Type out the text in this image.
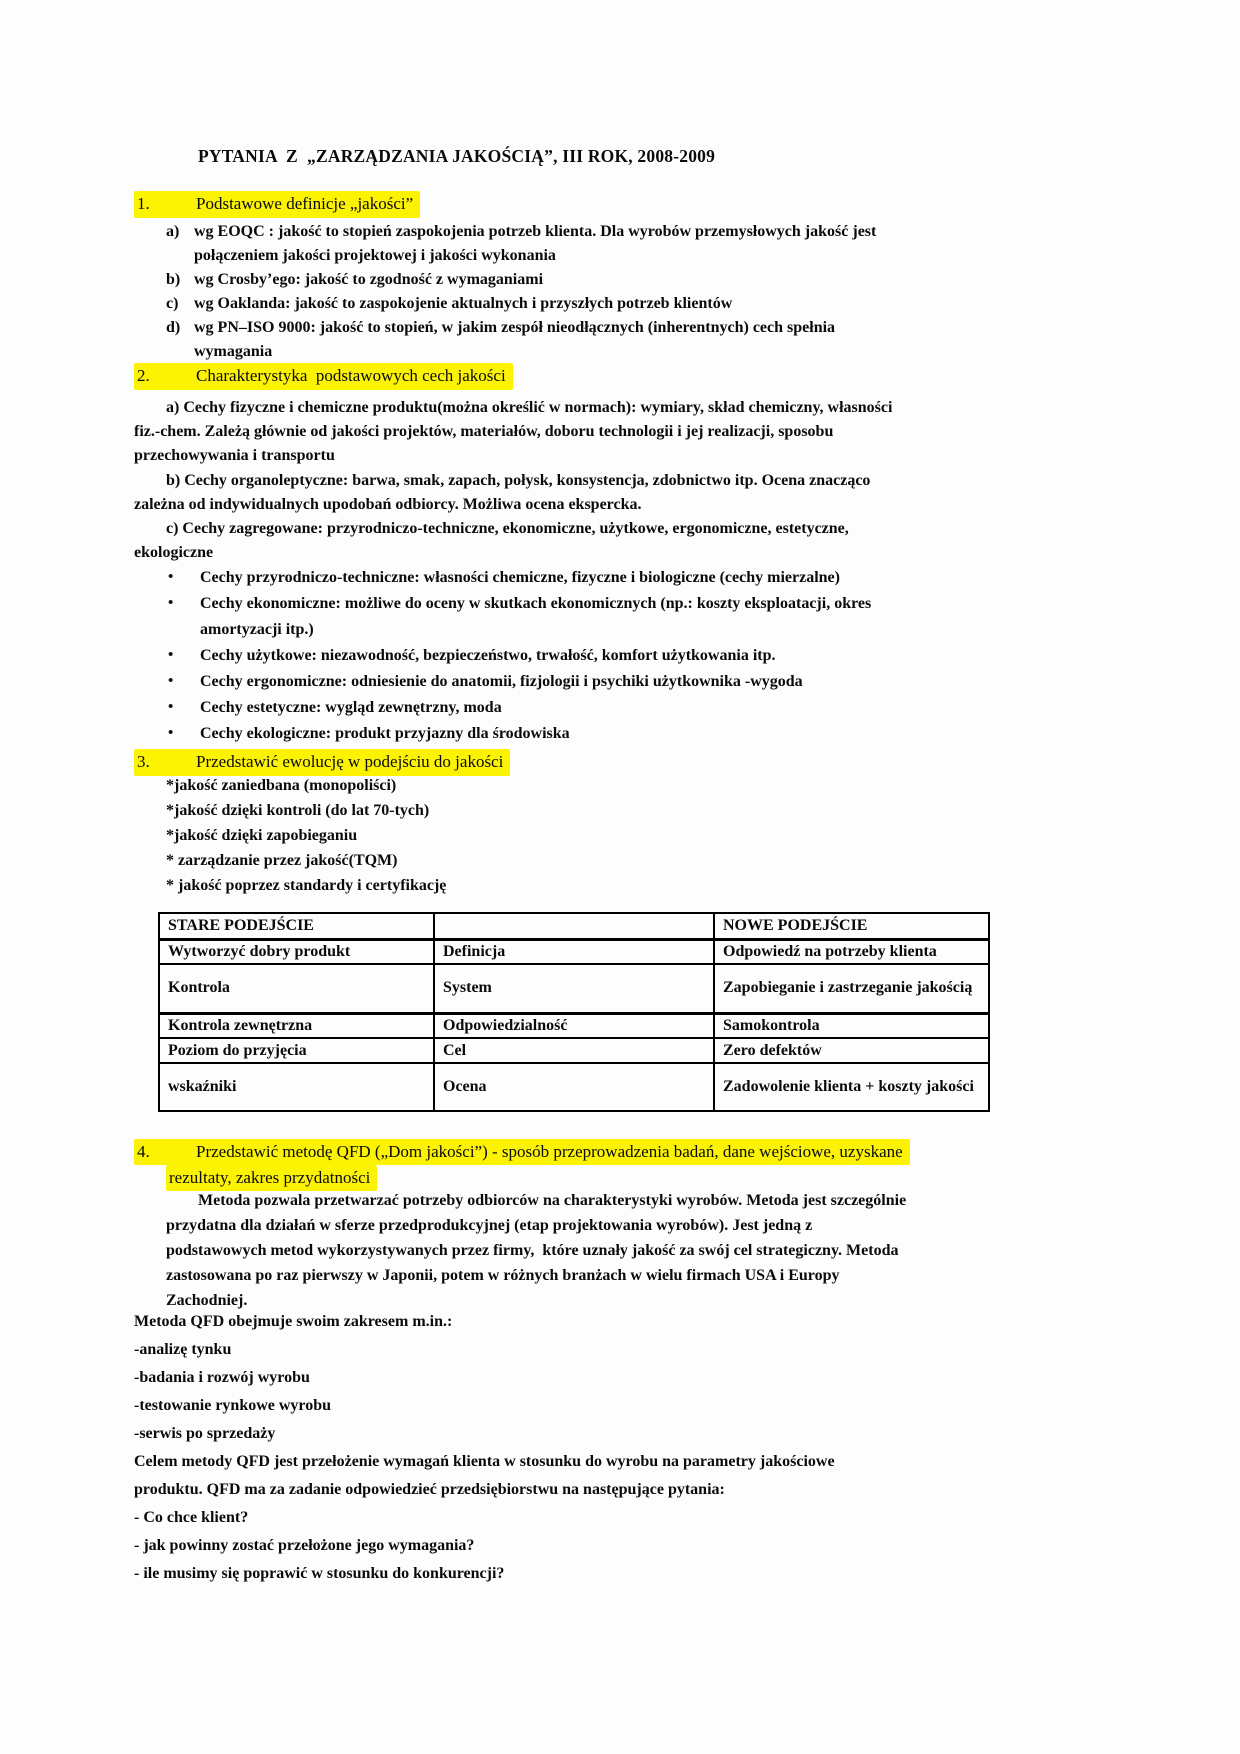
PYTANIA  Z  „ZARZĄDZANIA JAKOŚCIĄ”, III ROK, 2008-2009
1.	Podstawowe definicje „jakości”
a) wg EOQC : jakość to stopień zaspokojenia potrzeb klienta. Dla wyrobów przemysłowych jakość jest
połączeniem jakości projektowej i jakości wykonania
b) wg Crosby’ego: jakość to zgodność z wymaganiami
c) wg Oaklanda: jakość to zaspokojenie aktualnych i przyszłych potrzeb klientów
d) wg PN–ISO 9000: jakość to stopień, w jakim zespół nieodłącznych (inherentnych) cech spełnia
wymagania
2.	Charakterystyka  podstawowych cech jakości
a) Cechy fizyczne i chemiczne produktu(można określić w normach): wymiary, skład chemiczny, własności
fiz.-chem. Zależą głównie od jakości projektów, materiałów, doboru technologii i jej realizacji, sposobu
przechowywania i transportu
b) Cechy organoleptyczne: barwa, smak, zapach, połysk, konsystencja, zdobnictwo itp. Ocena znacząco
zależna od indywidualnych upodobań odbiorcy. Możliwa ocena ekspercka.
c) Cechy zagregowane: przyrodniczo-techniczne, ekonomiczne, użytkowe, ergonomiczne, estetyczne,
ekologiczne
• Cechy przyrodniczo-techniczne: własności chemiczne, fizyczne i biologiczne (cechy mierzalne)
• Cechy ekonomiczne: możliwe do oceny w skutkach ekonomicznych (np.: koszty eksploatacji, okres
amortyzacji itp.)
• Cechy użytkowe: niezawodność, bezpieczeństwo, trwałość, komfort użytkowania itp.
• Cechy ergonomiczne: odniesienie do anatomii, fizjologii i psychiki użytkownika -wygoda
• Cechy estetyczne: wygląd zewnętrzny, moda
• Cechy ekologiczne: produkt przyjazny dla środowiska
3.	Przedstawić ewolucję w podejściu do jakości
*jakość zaniedbana (monopoliści)
*jakość dzięki kontroli (do lat 70-tych)
*jakość dzięki zapobieganiu
* zarządzanie przez jakość(TQM)
* jakość poprzez standardy i certyfikację
STARE PODEJŚCIE		NOWE PODEJŚCIE
Wytworzyć dobry produkt	Definicja	Odpowiedź na potrzeby klienta
Kontrola	System	Zapobieganie i zastrzeganie jakością
Kontrola zewnętrzna	Odpowiedzialność	Samokontrola
Poziom do przyjęcia	Cel	Zero defektów
wskaźniki	Ocena	Zadowolenie klienta + koszty jakości
4.	Przedstawić metodę QFD („Dom jakości”) - sposób przeprowadzenia badań, dane wejściowe, uzyskane
rezultaty, zakres przydatności
Metoda pozwala przetwarzać potrzeby odbiorców na charakterystyki wyrobów. Metoda jest szczególnie
przydatna dla działań w sferze przedprodukcyjnej (etap projektowania wyrobów). Jest jedną z
podstawowych metod wykorzystywanych przez firmy,  które uznały jakość za swój cel strategiczny. Metoda
zastosowana po raz pierwszy w Japonii, potem w różnych branżach w wielu firmach USA i Europy
Zachodniej.
Metoda QFD obejmuje swoim zakresem m.in.:
-analizę tynku
-badania i rozwój wyrobu
-testowanie rynkowe wyrobu
-serwis po sprzedaży
Celem metody QFD jest przełożenie wymagań klienta w stosunku do wyrobu na parametry jakościowe
produktu. QFD ma za zadanie odpowiedzieć przedsiębiorstwu na następujące pytania:
- Co chce klient?
- jak powinny zostać przełożone jego wymagania?
- ile musimy się poprawić w stosunku do konkurencji?
